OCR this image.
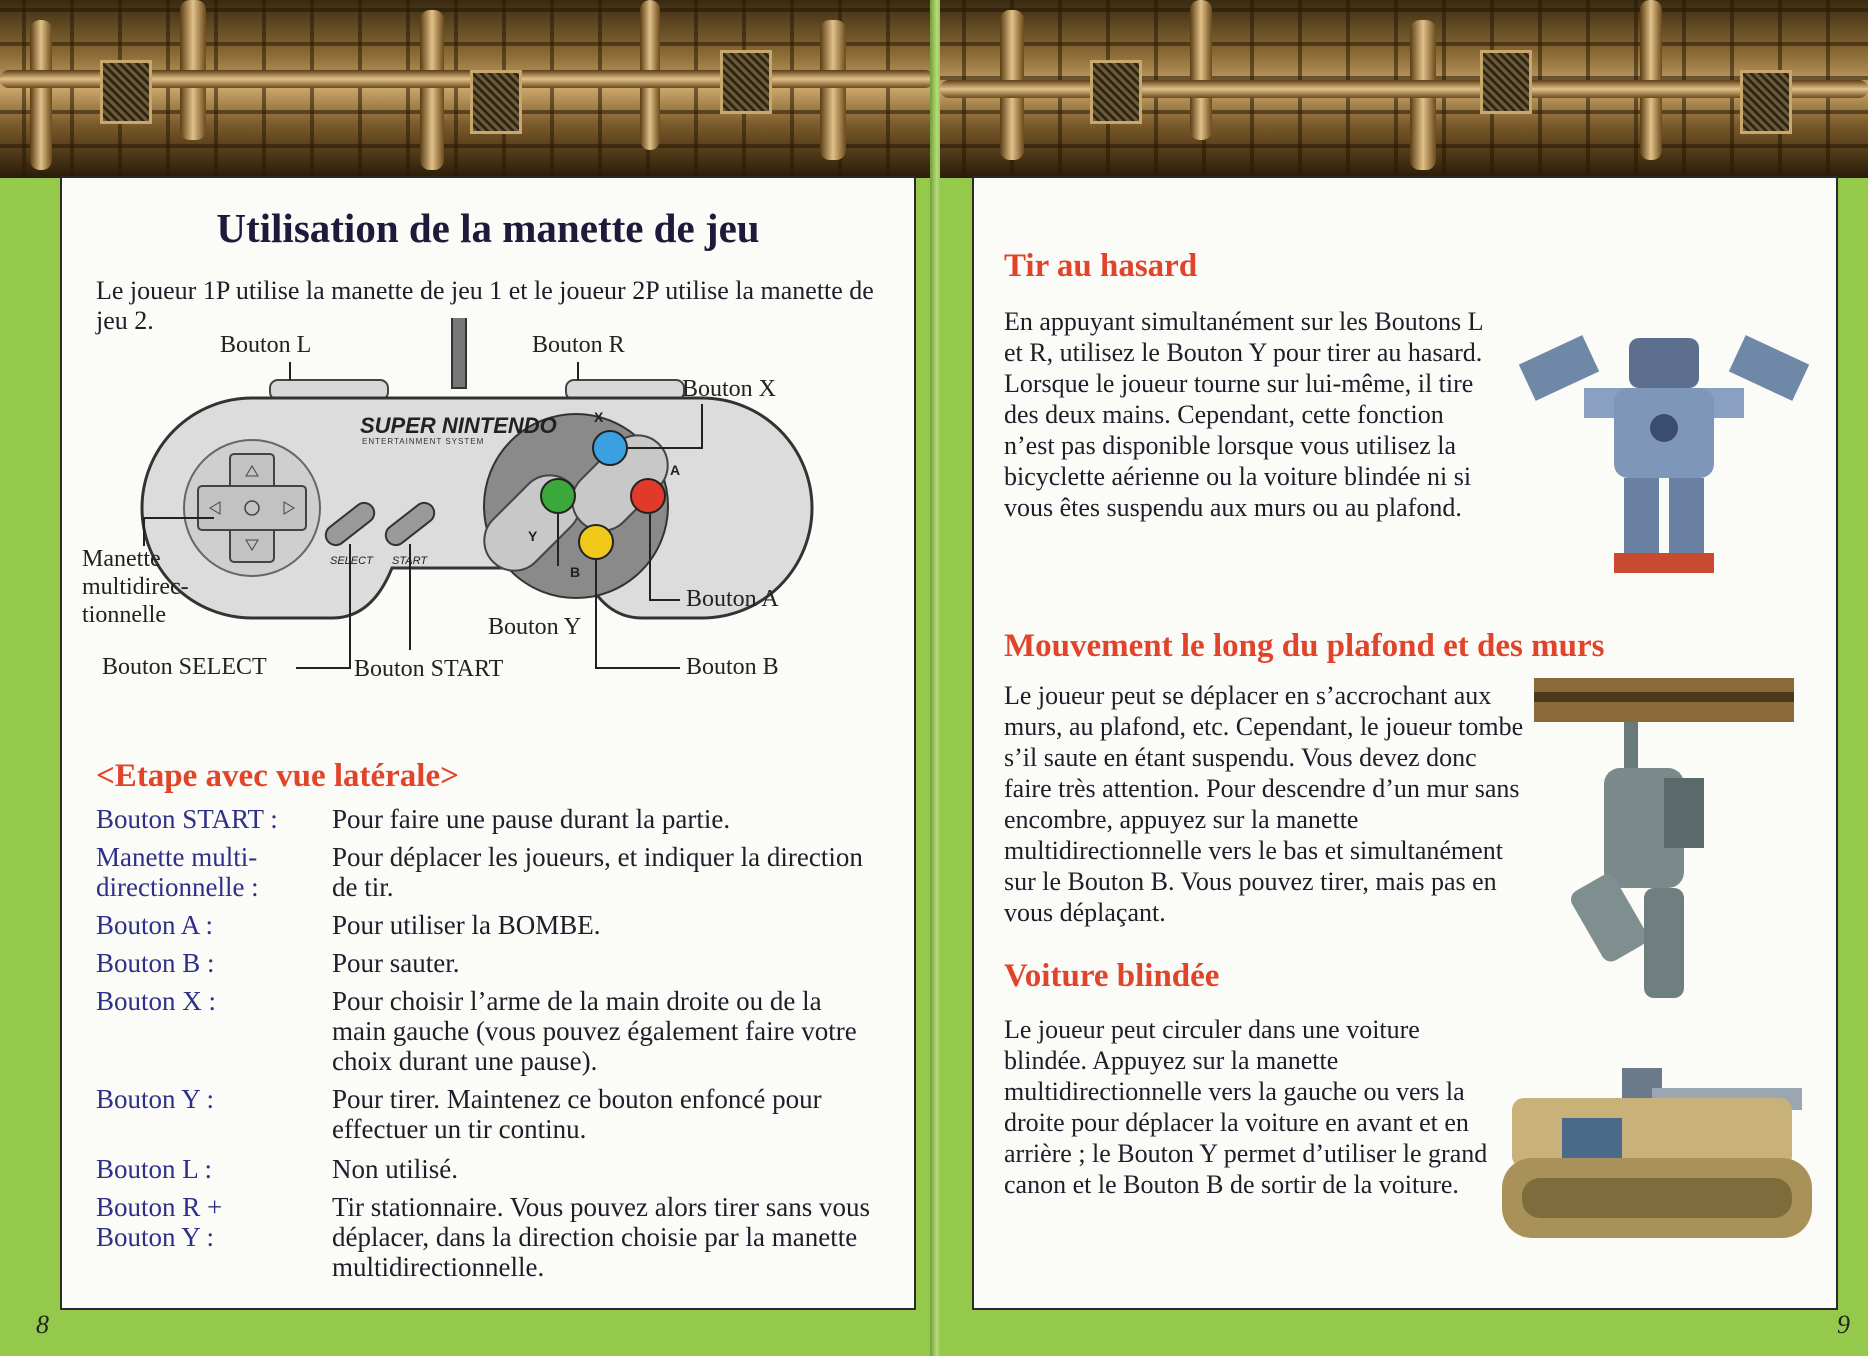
Utilisation de la manette de jeu
Le joueur 1P utilise la manette de jeu 1 et le joueur 2P utilise la manette de jeu 2.
SUPER NINTENDO
ENTERTAINMENT SYSTEM
SELECT START
X
A
Y
B
Bouton L	Bouton R
Bouton X
Manette
multidirec-
tionnelle
Bouton A
Bouton Y
Bouton SELECT	Bouton START	Bouton B
<Etape avec vue latérale>
Bouton START :	Pour faire une pause durant la partie.
Manette multi-directionnelle :
Pour déplacer les joueurs, et indiquer la direction de tir.
Bouton A :	Pour utiliser la BOMBE.
Bouton B :	Pour sauter.
Bouton X :	Pour choisir l’arme de la main droite ou de la main gauche (vous pouvez également faire votre choix durant une pause).
Bouton Y :	Pour tirer. Maintenez ce bouton enfoncé pour effectuer un tir continu.
Bouton L :	Non utilisé.
Bouton R + Bouton Y :
Tir stationnaire. Vous pouvez alors tirer sans vous déplacer, dans la direction choisie par la manette multidirectionnelle.
8
Tir au hasard
En appuyant simultanément sur les Boutons L et R, utilisez le Bouton Y pour tirer au hasard. Lorsque le joueur tourne sur lui-même, il tire des deux mains. Cependant, cette fonction n’est pas disponible lorsque vous utilisez la bicyclette aérienne ou la voiture blindée ni si vous êtes suspendu aux murs ou au plafond.
Mouvement le long du plafond et des murs
Le joueur peut se déplacer en s’accrochant aux murs, au plafond, etc. Cependant, le joueur tombe s’il saute en étant suspendu. Vous devez donc faire très attention. Pour descendre d’un mur sans encombre, appuyez sur la manette multidirectionnelle vers le bas et simultanément sur le Bouton B. Vous pouvez tirer, mais pas en vous déplaçant.
Voiture blindée
Le joueur peut circuler dans une voiture blindée. Appuyez sur la manette multidirectionnelle vers la gauche ou vers la droite pour déplacer la voiture en avant et en arrière ; le Bouton Y permet d’utiliser le grand canon et le Bouton B de sortir de la voiture.
9
